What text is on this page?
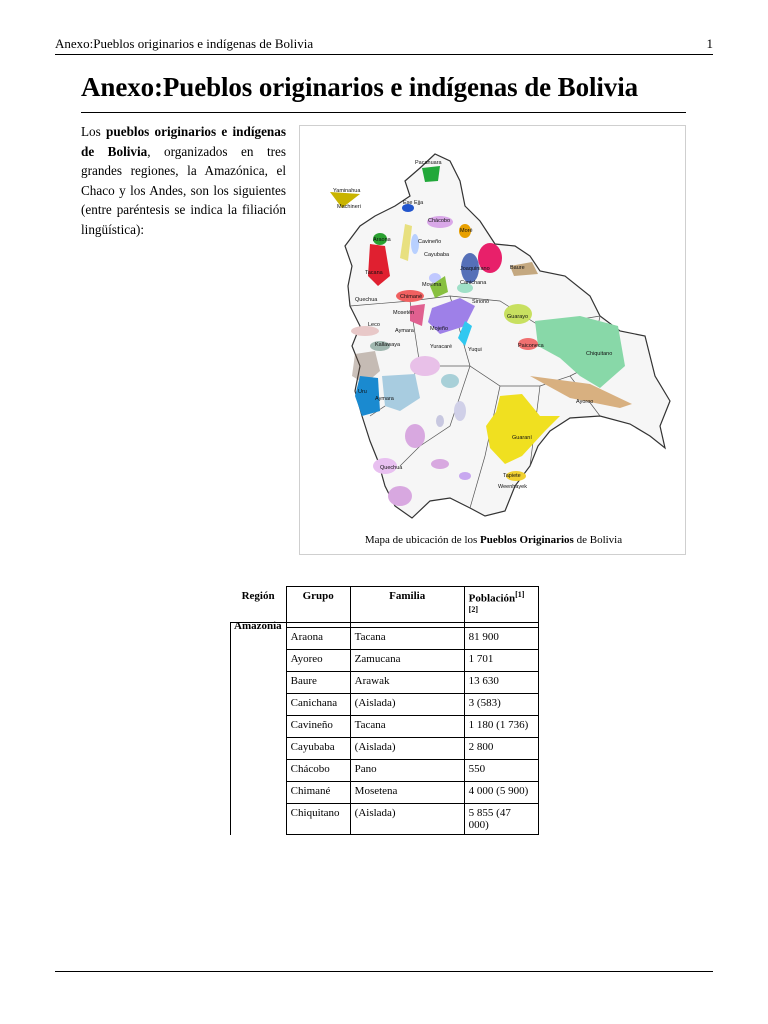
Anexo:Pueblos originarios e indígenas de Bolivia	1
Anexo:Pueblos originarios e indígenas de Bolivia

Los pueblos originarios e indígenas de Bolivia, organizados en tres grandes regiones, la Amazónica, el Chaco y los Andes, son los siguientes (entre paréntesis se indica la filiación lingüística):

Pacahuara
Yaminahua
Machineri
Ese Ejja
Chácobo
Moré
Araona	Cavineño
Cayubaba
Joaquiniano	Baure
Movima	Canichana
Tacana
Chimané
Sirionó
Quechua
Mosetén
Leco
Guarayo
Paiconeca
Chiquitano
Mojeño
Yuracaré	Yuqui
Kallawaya
Aymara
Uru
Aymara	Ayoreo
Guaraní
Weenhayek
Tapiete
Quechua
Mapa de ubicación de los Pueblos Originarios de Bolivia
Región	Grupo	Familia	Población[1][2]

Amazonia	Araona	Tacana	81 900
	Ayoreo	Zamucana	1 701
	Baure	Arawak	13 630
	Canichana	(Aislada)	3 (583)
	Cavineño	Tacana	1 180 (1 736)
	Cayubaba	(Aislada)	2 800
	Chácobo	Pano	550
	Chimané	Mosetena	4 000 (5 900)
	Chiquitano	(Aislada)	5 855 (47 000)
